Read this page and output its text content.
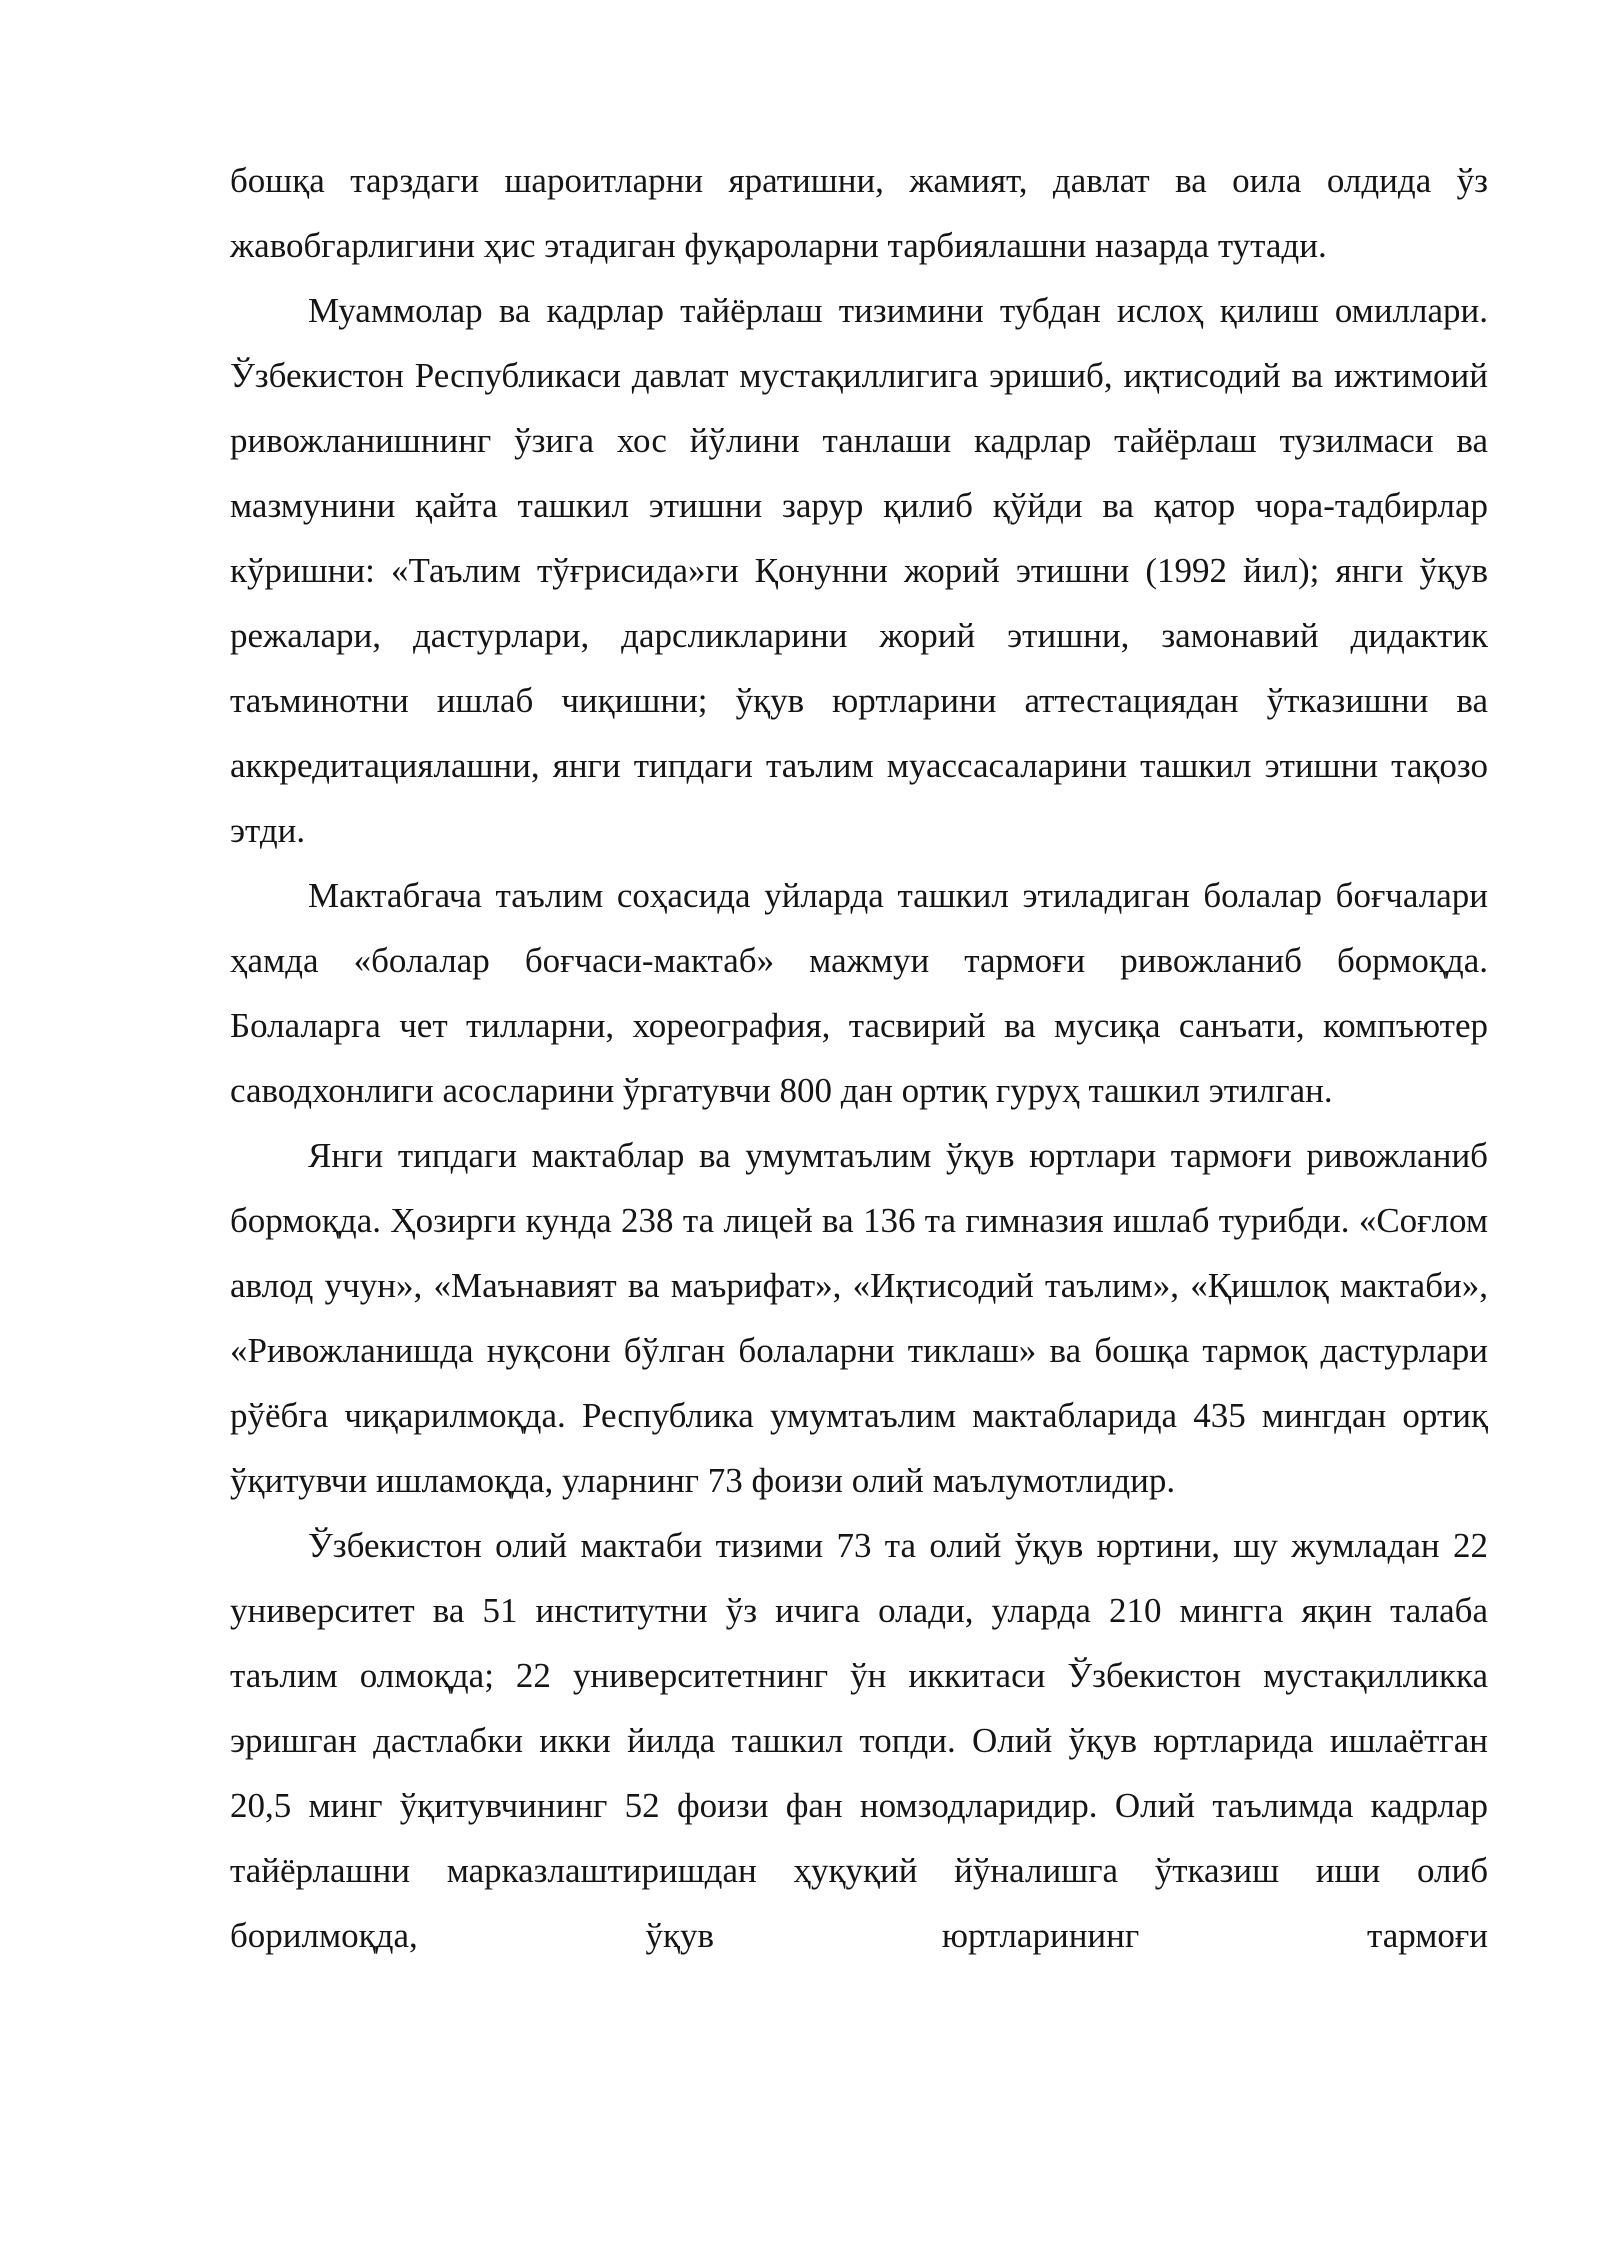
бошқа тарздаги шароитларни яратишни, жамият, давлат ва оила олдида ўз жавобгарлигини ҳис этадиган фуқароларни тарбиялашни назарда тутади.

Муаммолар ва кадрлар тайёрлаш тизимини тубдан ислоҳ қилиш омиллари. Ўзбекистон Республикаси давлат мустақиллигига эришиб, иқтисодий ва ижтимоий ривожланишнинг ўзига хос йўлини танлаши кадрлар тайёрлаш тузилмаси ва мазмунини қайта ташкил этишни зарур қилиб қўйди ва қатор чора-тадбирлар кўришни: «Таълим тўғрисида»ги Қонунни жорий этишни (1992 йил); янги ўқув режалари, дастурлари, дарсликларини жорий этишни, замонавий дидактик таъминотни ишлаб чиқишни; ўқув юртларини аттестациядан ўтказишни ва аккредитациялашни, янги типдаги таълим муассасаларини ташкил этишни тақозо этди.

Мактабгача таълим соҳасида уйларда ташкил этиладиган болалар боғчалари ҳамда «болалар боғчаси-мактаб» мажмуи тармоғи ривожланиб бормоқда. Болаларга чет тилларни, хореография, тасвирий ва мусиқа санъати, компъютер саводхонлиги асосларини ўргатувчи 800 дан ортиқ гуруҳ ташкил этилган.

Янги типдаги мактаблар ва умумтаълим ўқув юртлари тармоғи ривожланиб бормоқда. Ҳозирги кунда 238 та лицей ва 136 та гимназия ишлаб турибди. «Соғлом авлод учун», «Маънавият ва маърифат», «Иқтисодий таълим», «Қишлоқ мактаби», «Ривожланишда нуқсони бўлган болаларни тиклаш» ва бошқа тармоқ дастурлари рўёбга чиқарилмоқда. Республика умумтаълим мактабларида 435 мингдан ортиқ ўқитувчи ишламоқда, уларнинг 73 фоизи олий маълумотлидир.

Ўзбекистон олий мактаби тизими 73 та олий ўқув юртини, шу жумладан 22 университет ва 51 институтни ўз ичига олади, уларда 210 мингга яқин талаба таълим олмоқда; 22 университетнинг ўн иккитаси Ўзбекистон мустақилликка эришган дастлабки икки йилда ташкил топди. Олий ўқув юртларида ишлаётган 20,5 минг ўқитувчининг 52 фоизи фан номзодларидир. Олий таълимда кадрлар тайёрлашни марказлаштиришдан ҳуқуқий йўналишга ўтказиш иши олиб борилмоқда, ўқув юртларининг тармоғи
